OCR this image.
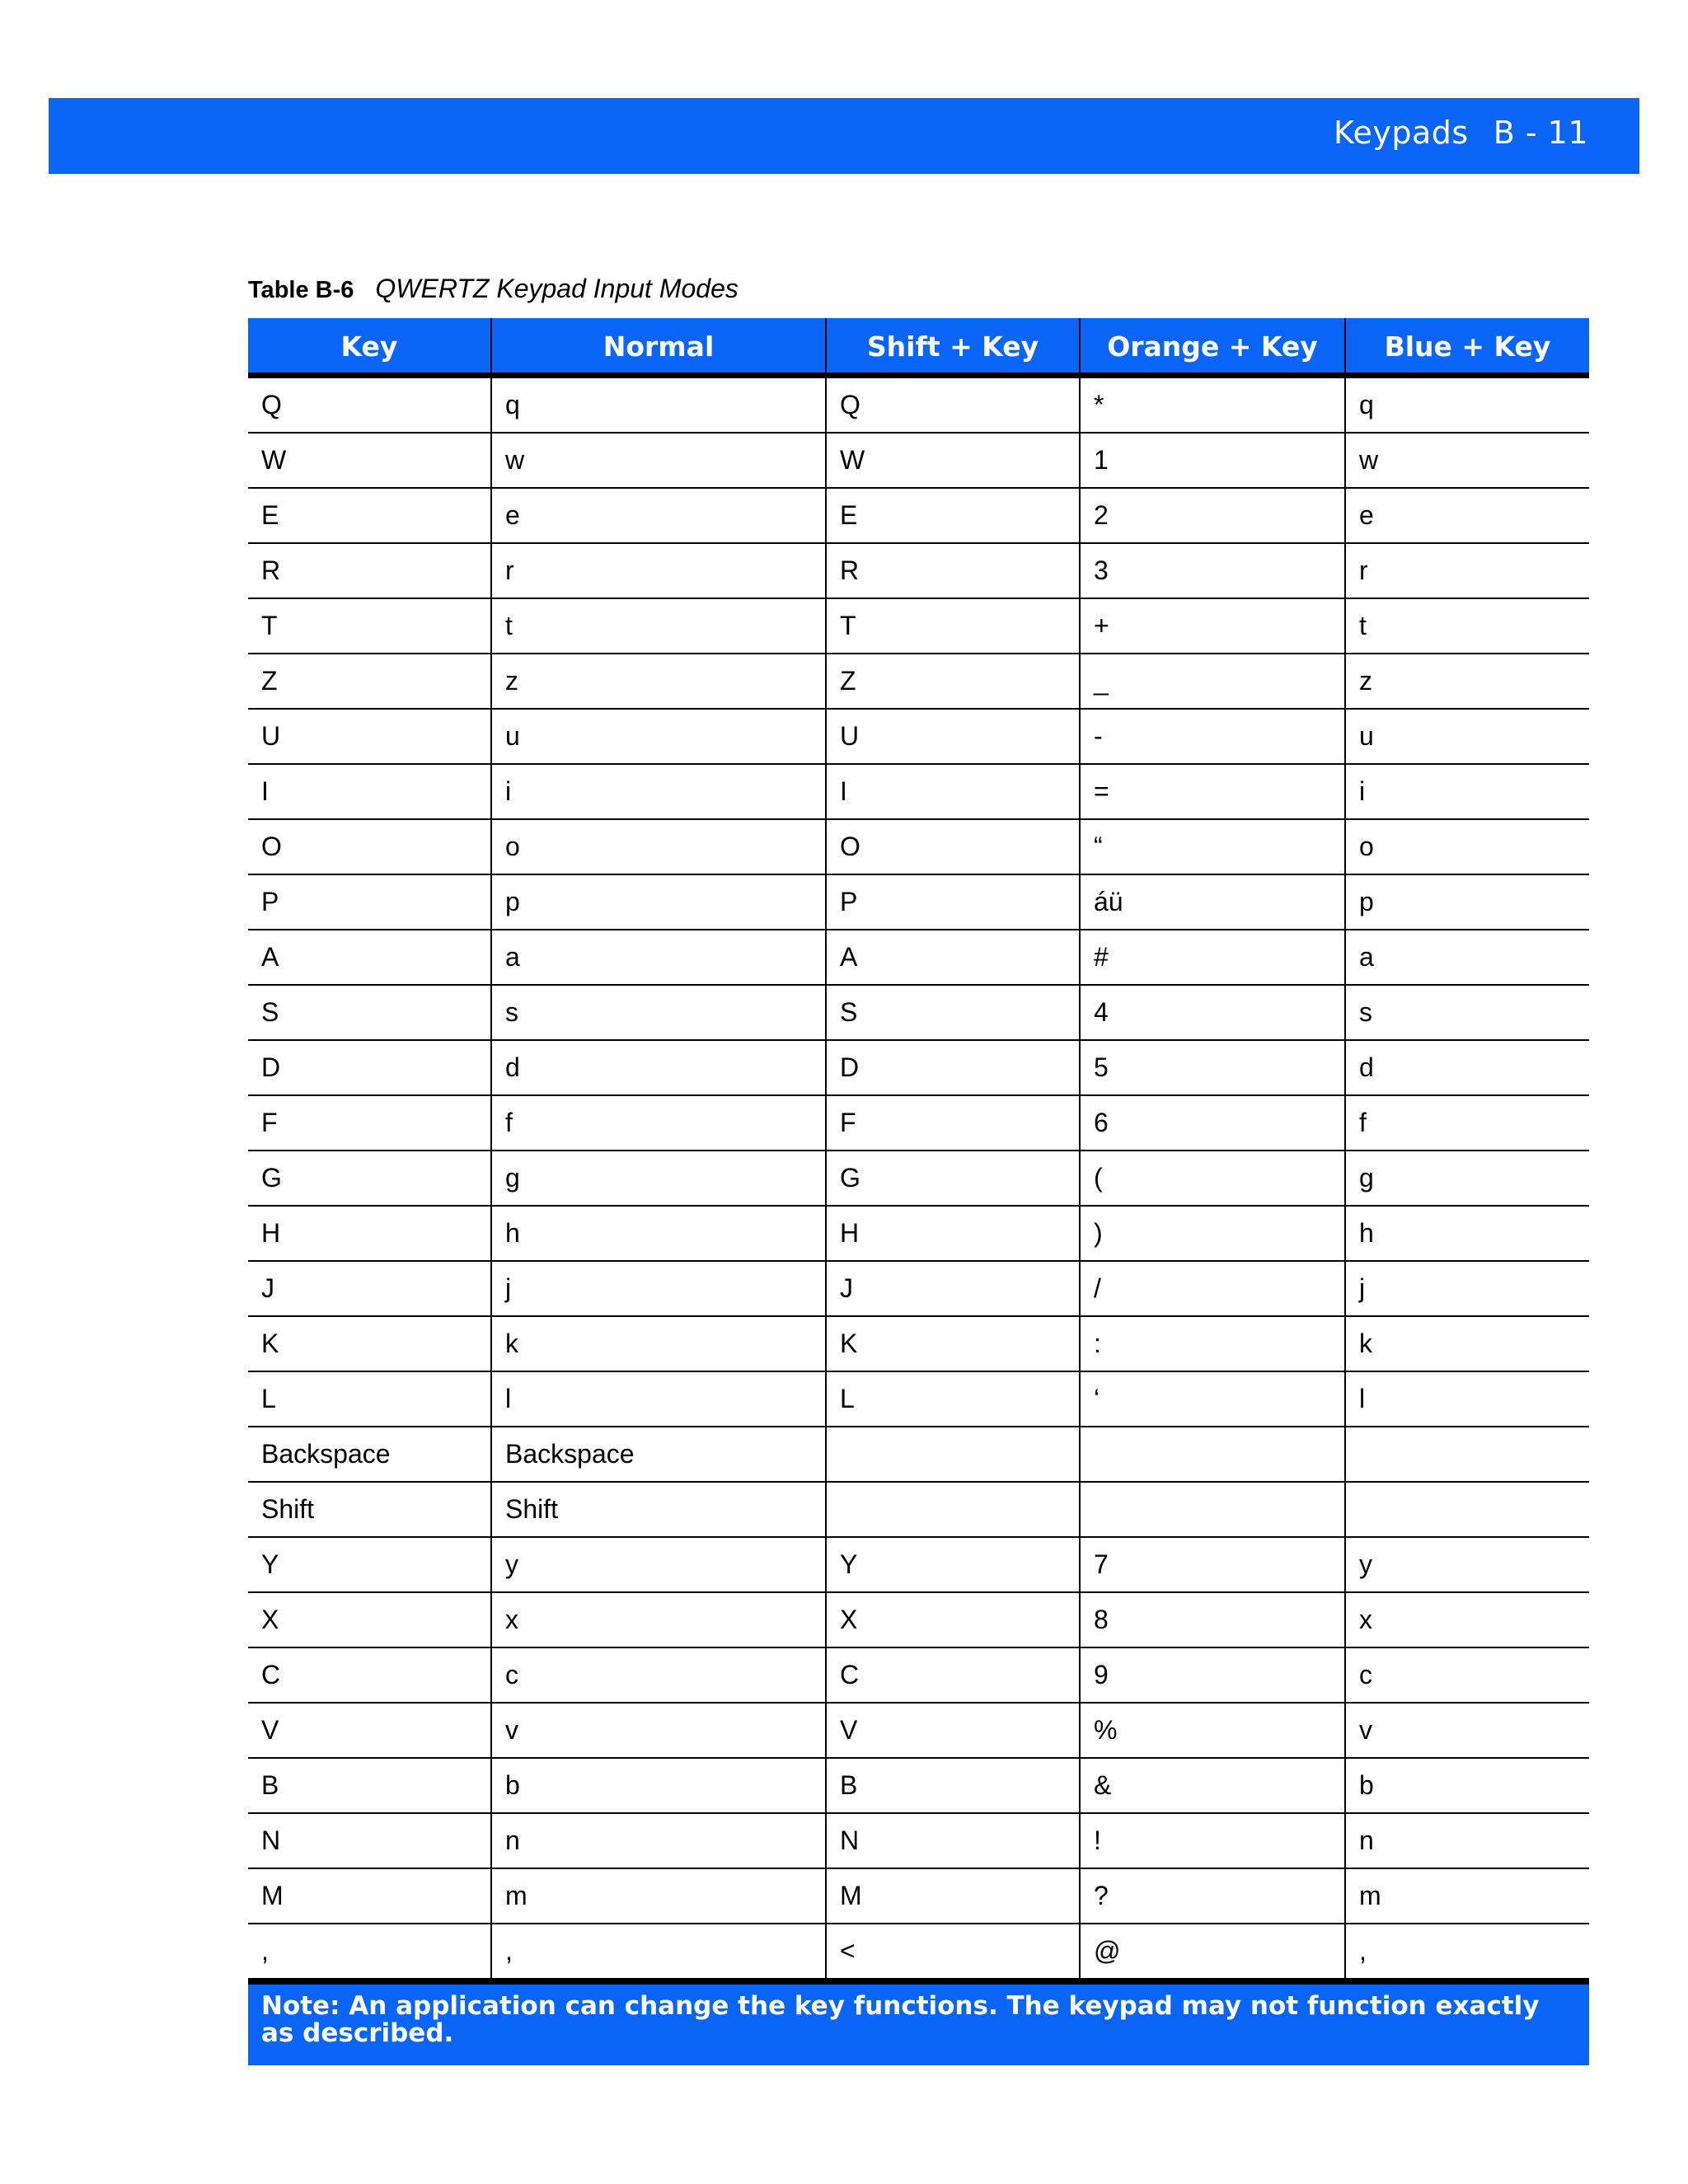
Keypads B - 11
Table B-6 QWERTZ Keypad Input Modes
Key	Normal	Shift + Key	Orange + Key	Blue + Key
Q	q	Q	*	q
W	w	W	1	w
E	e	E	2	e
R	r	R	3	r
T	t	T	+	t
Z	z	Z	_	z
U	u	U	-	u
I	i	I	=	i
O	o	O	“	o
P	p	P	áü	p
A	a	A	#	a
S	s	S	4	s
D	d	D	5	d
F	f	F	6	f
G	g	G	(	g
H	h	H	)	h
J	j	J	/	j
K	k	K	:	k
L	l	L	‘	l
Backspace	Backspace			
Shift	Shift			
Y	y	Y	7	y
X	x	X	8	x
C	c	C	9	c
V	v	V	%	v
B	b	B	&	b
N	n	N	!	n
M	m	M	?	m
,	,	<	@	,
Note: An application can change the key functions. The keypad may not function exactly as described.
